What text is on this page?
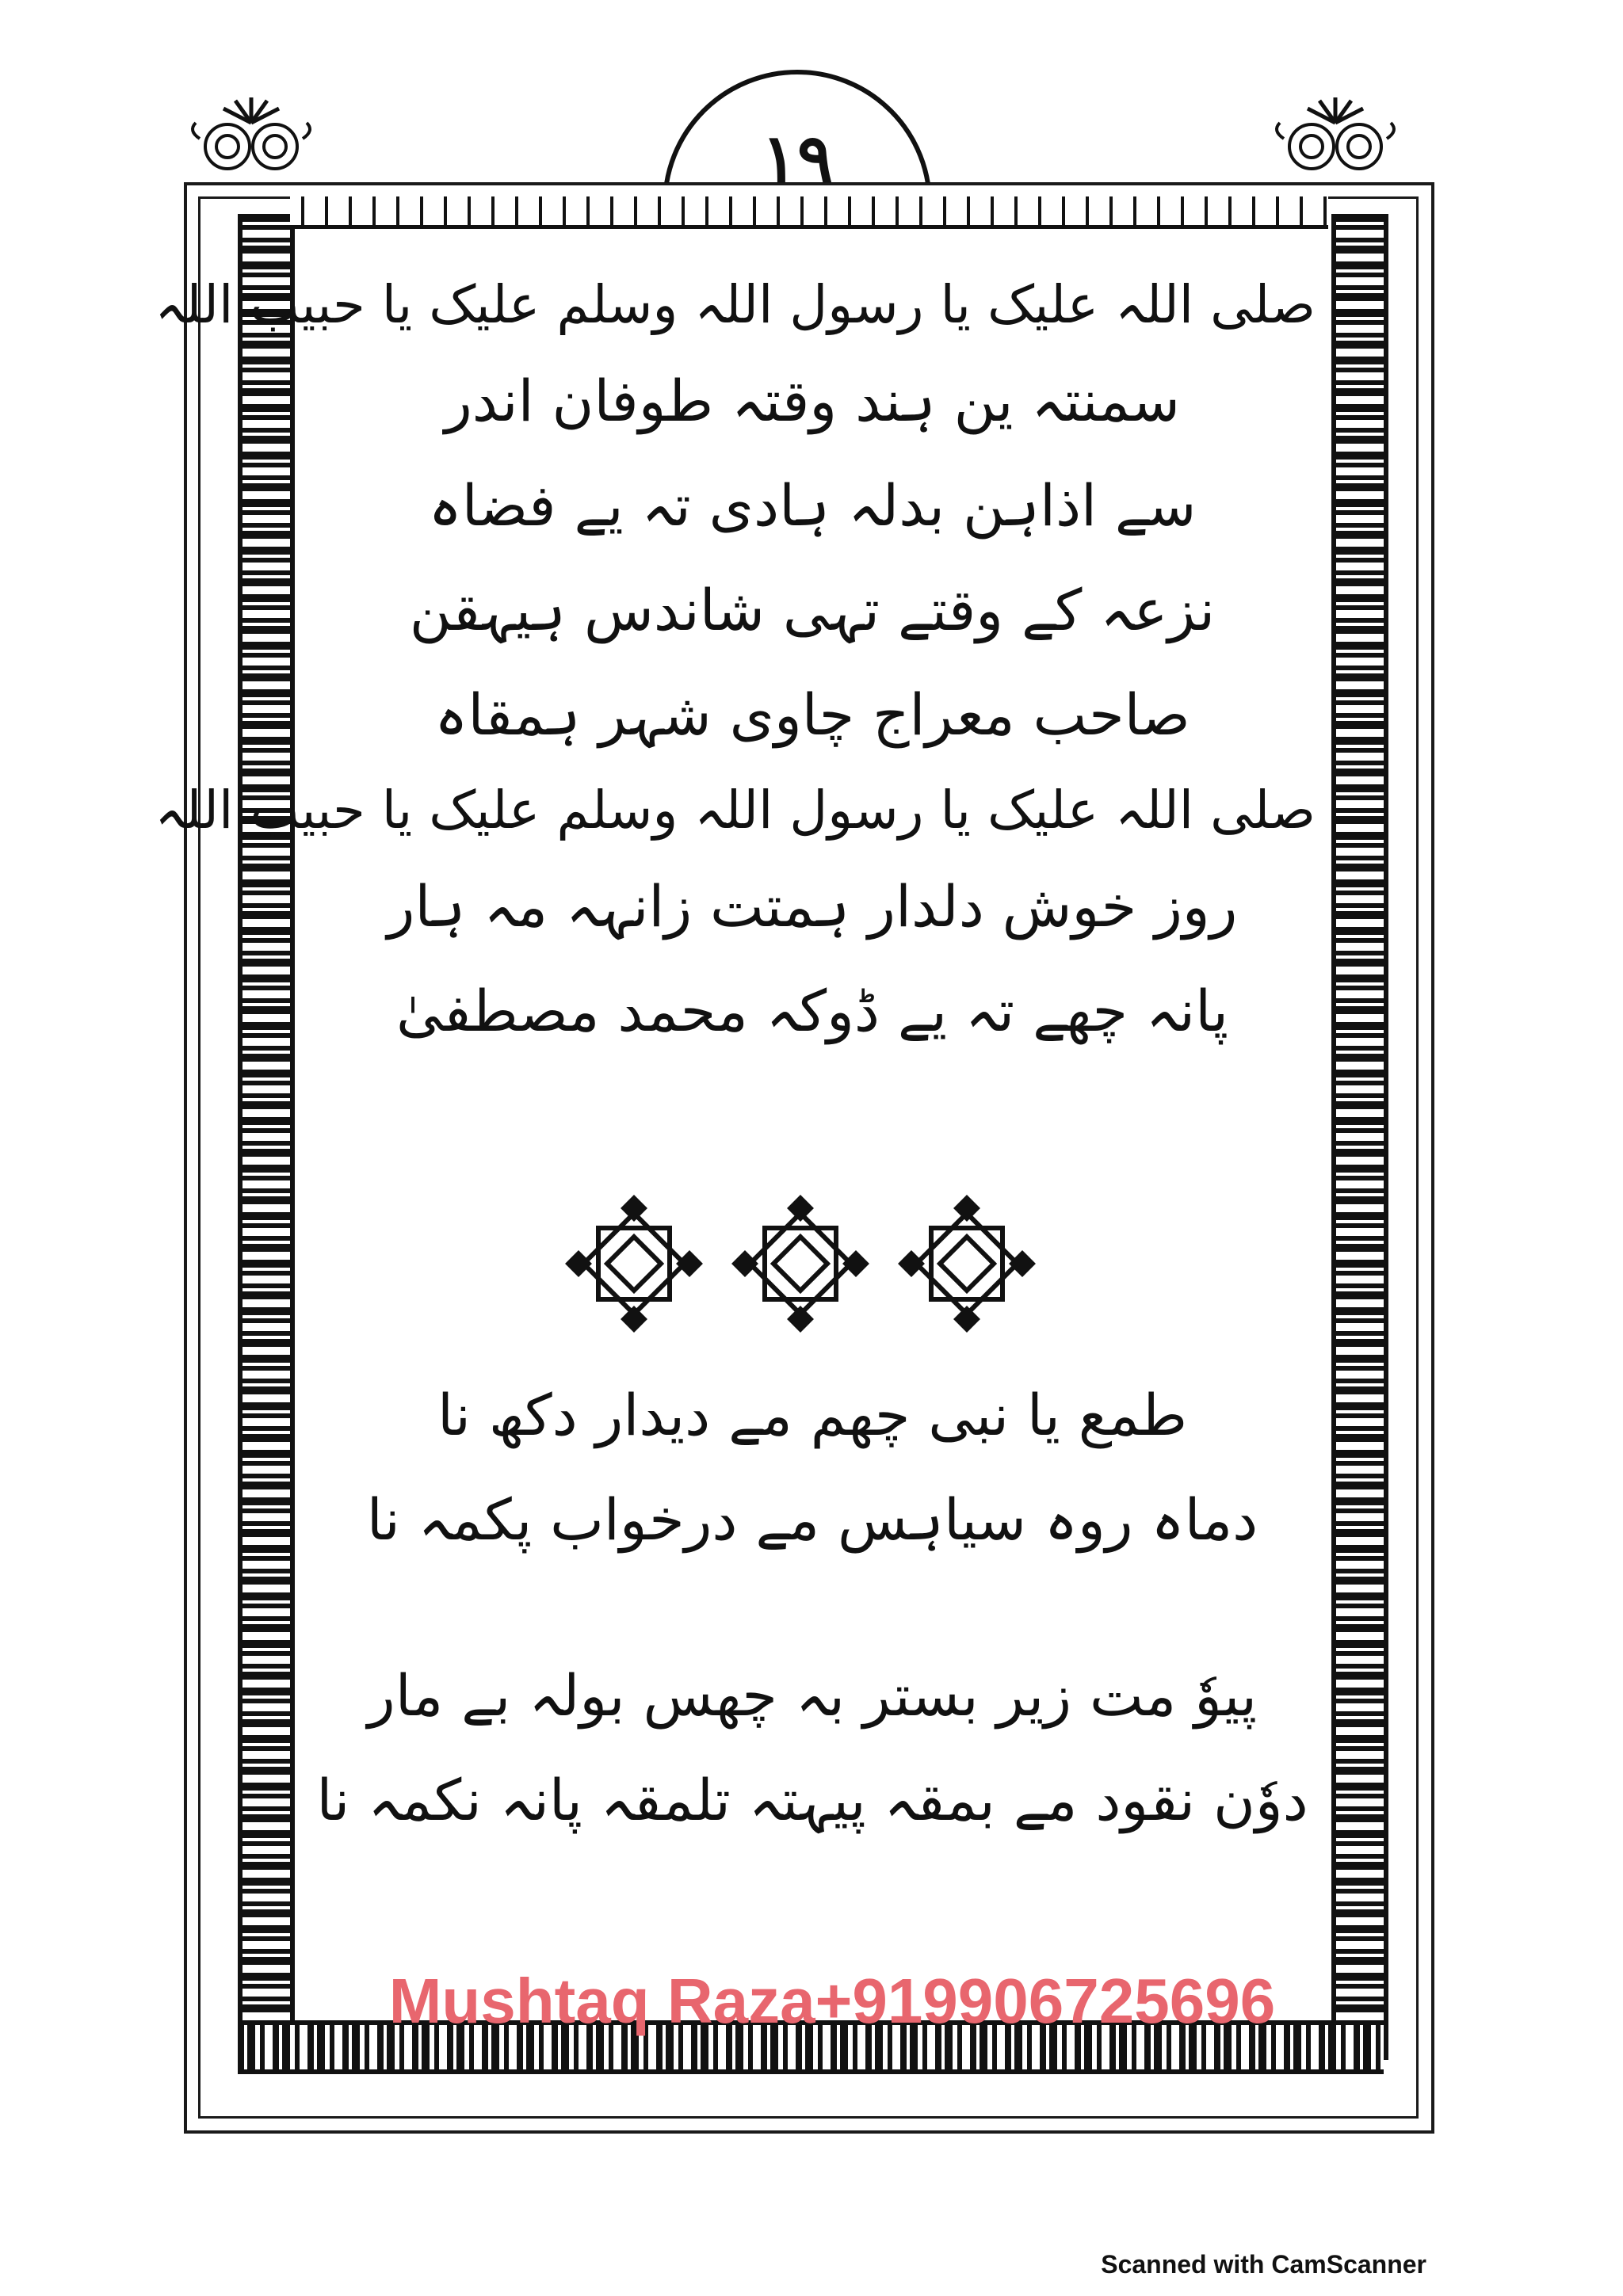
١٩
صلی اللہ علیک یا رسول اللہ وسلم علیک یا حبیب اللہ
سمنتہ ین ہند وقتہ طوفان اندر
سے اذاہن بدلہ ہادی تہ یے فضاہ
نزعہ کے وقتے تہی شاندس ہیہقن
صاحب معراج چاوی شہر ہمقاہ
صلی اللہ علیک یا رسول اللہ وسلم علیک یا حبیب اللہ
روز خوش دلدار ہمتت زانہہ مہ ہار
پانہ چھے تہ یے ڈوکہ محمد مصطفیٰ
طمع یا نبی چھم مے دیدار دکھ نا
دماہ روہ سیاہس مے درخواب پکمہ نا
پیوٗ مت زیر بستر بہ چھس بولہ بے مار
دوٗن نقود مے بمقہ پیہتہ تلمقہ پانہ نکمہ نا
Mushtaq Raza+919906725696
Scanned with CamScanner
